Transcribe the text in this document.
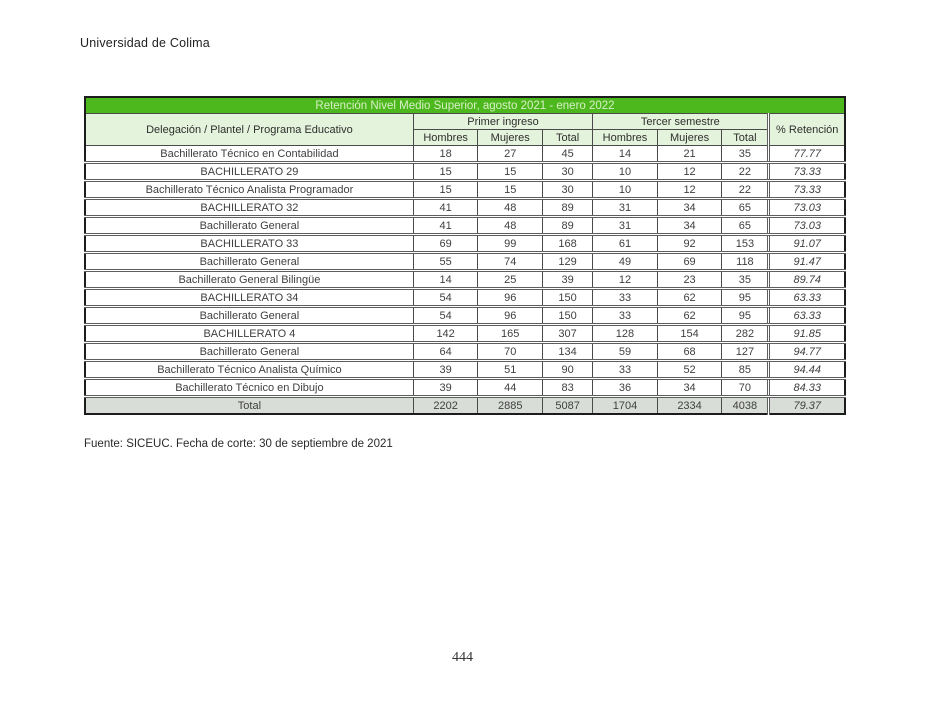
Universidad de Colima
Retención Nivel Medio Superior, agosto 2021 - enero 2022							
Delegación / Plantel / Programa Educativo	Primer ingreso			Tercer semestre			% Retención
	Hombres	Mujeres	Total	Hombres	Mujeres	Total	
Bachillerato Técnico en Contabilidad	18	27	45	14	21	35	77.77
BACHILLERATO 29	15	15	30	10	12	22	73.33
Bachillerato Técnico Analista Programador	15	15	30	10	12	22	73.33
BACHILLERATO 32	41	48	89	31	34	65	73.03
Bachillerato General	41	48	89	31	34	65	73.03
BACHILLERATO 33	69	99	168	61	92	153	91.07
Bachillerato General	55	74	129	49	69	118	91.47
Bachillerato General Bilingüe	14	25	39	12	23	35	89.74
BACHILLERATO 34	54	96	150	33	62	95	63.33
Bachillerato General	54	96	150	33	62	95	63.33
BACHILLERATO 4	142	165	307	128	154	282	91.85
Bachillerato General	64	70	134	59	68	127	94.77
Bachillerato Técnico Analista Químico	39	51	90	33	52	85	94.44
Bachillerato Técnico en Dibujo	39	44	83	36	34	70	84.33
Total	2202	2885	5087	1704	2334	4038	79.37
Fuente: SICEUC. Fecha de corte: 30 de septiembre de 2021
444
